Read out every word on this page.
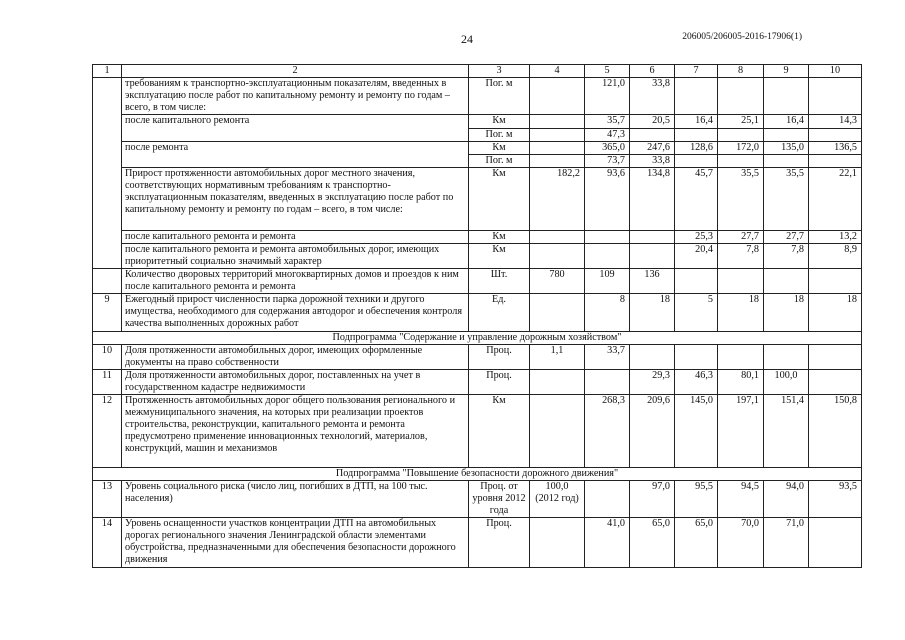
24	206005/206005-2016-17906(1)
1	2	3	4	5	6	7	8	9	10
	требованиям к транспортно-эксплуатационным показателям, введенных в эксплуатацию после работ по капитальному ремонту и ремонту по годам – всего, в том числе:	Пог. м		121,0	33,8				
	после капитального ремонта	Км		35,7	20,5	16,4	25,1	16,4	14,3
		Пог. м		47,3					
	после ремонта	Км		365,0	247,6	128,6	172,0	135,0	136,5
		Пог. м		73,7	33,8				
	Прирост протяженности автомобильных дорог местного значения, соответствующих нормативным требованиям к транспортно-эксплуатационным показателям, введенных в эксплуатацию после работ по капитальному ремонту и ремонту по годам – всего, в том числе:	Км	182,2	93,6	134,8	45,7	35,5	35,5	22,1
	после капитального ремонта и ремонта	Км				25,3	27,7	27,7	13,2
	после капитального ремонта и ремонта автомобильных дорог, имеющих приоритетный социально значимый характер	Км				20,4	7,8	7,8	8,9
	Количество дворовых территорий многоквартирных домов и проездов к ним после капитального ремонта и ремонта	Шт.	780	109	136				
9	Ежегодный прирост численности парка дорожной техники и другого имущества, необходимого для содержания автодорог и обеспечения контроля качества выполненных дорожных работ	Ед.		8	18	5	18	18	18
Подпрограмма "Содержание и управление дорожным хозяйством"									
10	Доля протяженности автомобильных дорог, имеющих оформленные документы на право собственности	Проц.	1,1	33,7					
11	Доля протяженности автомобильных дорог, поставленных на учет в государственном кадастре недвижимости	Проц.			29,3	46,3	80,1	100,0	
12	Протяженность автомобильных дорог общего пользования регионального и межмуниципального значения, на которых при реализации проектов строительства, реконструкции, капитального ремонта и ремонта предусмотрено применение инновационных технологий, материалов, конструкций, машин и механизмов	Км		268,3	209,6	145,0	197,1	151,4	150,8
Подпрограмма "Повышение безопасности дорожного движения"									
13	Уровень социального риска (число лиц, погибших в ДТП, на 100 тыс. населения)	Проц. от уровня 2012 года	100,0 (2012 год)		97,0	95,5	94,5	94,0	93,5
14	Уровень оснащенности участков концентрации ДТП на автомобильных дорогах регионального значения Ленинградской области элементами обустройства, предназначенными для обеспечения безопасности дорожного движения	Проц.		41,0	65,0	65,0	70,0	71,0	
